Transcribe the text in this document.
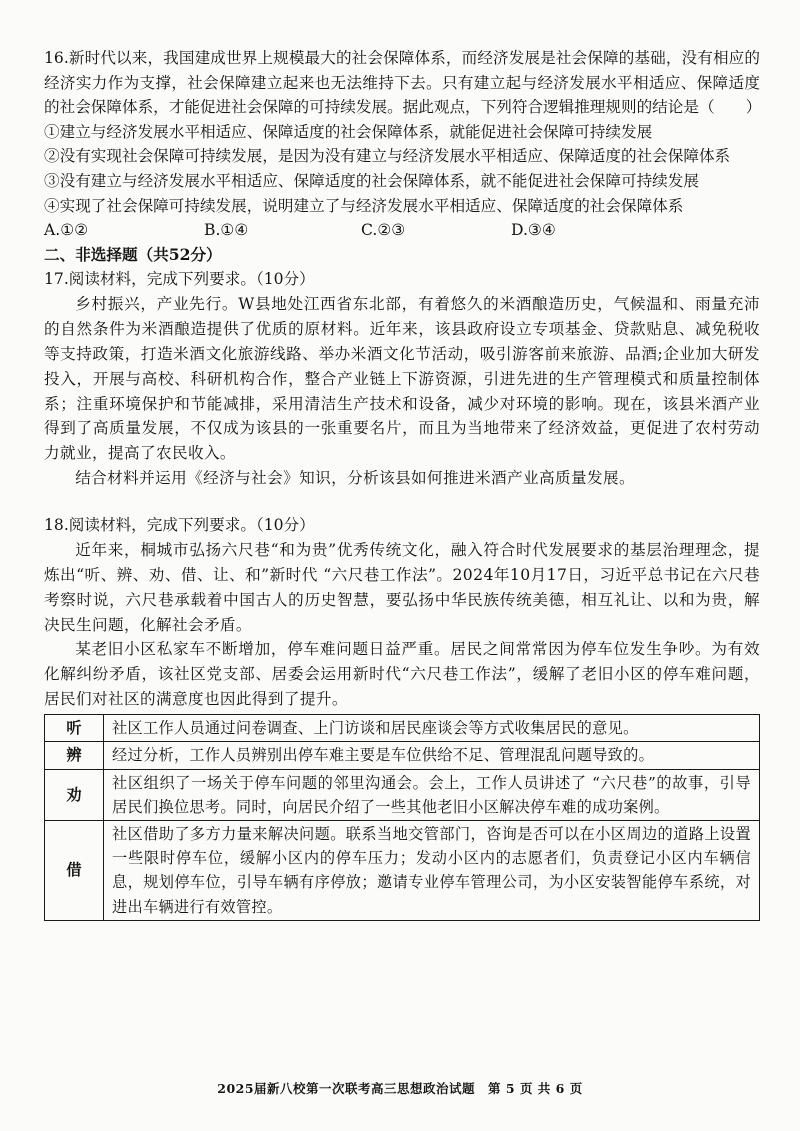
16.新时代以来，我国建成世界上规模最大的社会保障体系，而经济发展是社会保障的基础，没有相应的经济实力作为支撑，社会保障建立起来也无法维持下去。只有建立起与经济发展水平相适应、保障适度的社会保障体系，才能促进社会保障的可持续发展。据此观点，下列符合逻辑推理规则的结论是（　　）

①建立与经济发展水平相适应、保障适度的社会保障体系，就能促进社会保障可持续发展

②没有实现社会保障可持续发展，是因为没有建立与经济发展水平相适应、保障适度的社会保障体系

③没有建立与经济发展水平相适应、保障适度的社会保障体系，就不能促进社会保障可持续发展

④实现了社会保障可持续发展，说明建立了与经济发展水平相适应、保障适度的社会保障体系

A.①②	B.①④	C.②③	D.③④

二、非选择题（共52分）

17.阅读材料，完成下列要求。（10分）

乡村振兴，产业先行。W县地处江西省东北部，有着悠久的米酒酿造历史，气候温和、雨量充沛的自然条件为米酒酿造提供了优质的原材料。近年来，该县政府设立专项基金、贷款贴息、减免税收等支持政策，打造米酒文化旅游线路、举办米酒文化节活动，吸引游客前来旅游、品酒;企业加大研发投入，开展与高校、科研机构合作，整合产业链上下游资源，引进先进的生产管理模式和质量控制体系；注重环境保护和节能减排，采用清洁生产技术和设备，减少对环境的影响。现在，该县米酒产业得到了高质量发展，不仅成为该县的一张重要名片，而且为当地带来了经济效益，更促进了农村劳动力就业，提高了农民收入。

结合材料并运用《经济与社会》知识，分析该县如何推进米酒产业高质量发展。

18.阅读材料，完成下列要求。（10分）

近年来，桐城市弘扬六尺巷“和为贵”优秀传统文化，融入符合时代发展要求的基层治理理念，提炼出“听、辨、劝、借、让、和”新时代 “六尺巷工作法”。2024年10月17日，习近平总书记在六尺巷考察时说，六尺巷承载着中国古人的历史智慧，要弘扬中华民族传统美德，相互礼让、以和为贵，解决民生问题，化解社会矛盾。

某老旧小区私家车不断增加，停车难问题日益严重。居民之间常常因为停车位发生争吵。为有效化解纠纷矛盾，该社区党支部、居委会运用新时代“六尺巷工作法”，缓解了老旧小区的停车难问题，居民们对社区的满意度也因此得到了提升。

听	社区工作人员通过问卷调查、上门访谈和居民座谈会等方式收集居民的意见。
辨	经过分析，工作人员辨别出停车难主要是车位供给不足、管理混乱问题导致的。
劝	社区组织了一场关于停车问题的邻里沟通会。会上，工作人员讲述了 “六尺巷”的故事，引导居民们换位思考。同时，向居民介绍了一些其他老旧小区解决停车难的成功案例。
借	社区借助了多方力量来解决问题。联系当地交管部门，咨询是否可以在小区周边的道路上设置一些限时停车位，缓解小区内的停车压力；发动小区内的志愿者们，负责登记小区内车辆信息，规划停车位，引导车辆有序停放；邀请专业停车管理公司，为小区安装智能停车系统，对进出车辆进行有效管控。
2025届新八校第一次联考高三思想政治试题　第 5 页 共 6 页
